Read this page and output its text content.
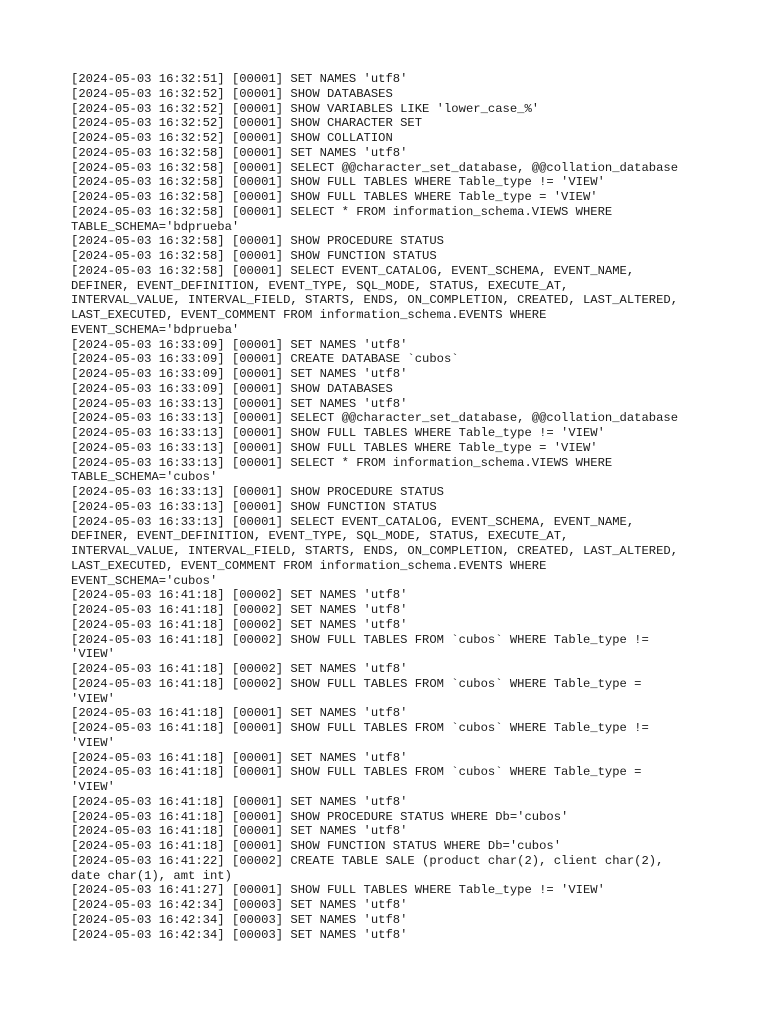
[2024-05-03 16:32:51] [00001] SET NAMES 'utf8'
[2024-05-03 16:32:52] [00001] SHOW DATABASES
[2024-05-03 16:32:52] [00001] SHOW VARIABLES LIKE 'lower_case_%'
[2024-05-03 16:32:52] [00001] SHOW CHARACTER SET
[2024-05-03 16:32:52] [00001] SHOW COLLATION
[2024-05-03 16:32:58] [00001] SET NAMES 'utf8'
[2024-05-03 16:32:58] [00001] SELECT @@character_set_database, @@collation_database
[2024-05-03 16:32:58] [00001] SHOW FULL TABLES WHERE Table_type != 'VIEW'
[2024-05-03 16:32:58] [00001] SHOW FULL TABLES WHERE Table_type = 'VIEW'
[2024-05-03 16:32:58] [00001] SELECT * FROM information_schema.VIEWS WHERE
TABLE_SCHEMA='bdprueba'
[2024-05-03 16:32:58] [00001] SHOW PROCEDURE STATUS
[2024-05-03 16:32:58] [00001] SHOW FUNCTION STATUS
[2024-05-03 16:32:58] [00001] SELECT EVENT_CATALOG, EVENT_SCHEMA, EVENT_NAME,
DEFINER, EVENT_DEFINITION, EVENT_TYPE, SQL_MODE, STATUS, EXECUTE_AT,
INTERVAL_VALUE, INTERVAL_FIELD, STARTS, ENDS, ON_COMPLETION, CREATED, LAST_ALTERED,
LAST_EXECUTED, EVENT_COMMENT FROM information_schema.EVENTS WHERE
EVENT_SCHEMA='bdprueba'
[2024-05-03 16:33:09] [00001] SET NAMES 'utf8'
[2024-05-03 16:33:09] [00001] CREATE DATABASE `cubos`
[2024-05-03 16:33:09] [00001] SET NAMES 'utf8'
[2024-05-03 16:33:09] [00001] SHOW DATABASES
[2024-05-03 16:33:13] [00001] SET NAMES 'utf8'
[2024-05-03 16:33:13] [00001] SELECT @@character_set_database, @@collation_database
[2024-05-03 16:33:13] [00001] SHOW FULL TABLES WHERE Table_type != 'VIEW'
[2024-05-03 16:33:13] [00001] SHOW FULL TABLES WHERE Table_type = 'VIEW'
[2024-05-03 16:33:13] [00001] SELECT * FROM information_schema.VIEWS WHERE
TABLE_SCHEMA='cubos'
[2024-05-03 16:33:13] [00001] SHOW PROCEDURE STATUS
[2024-05-03 16:33:13] [00001] SHOW FUNCTION STATUS
[2024-05-03 16:33:13] [00001] SELECT EVENT_CATALOG, EVENT_SCHEMA, EVENT_NAME,
DEFINER, EVENT_DEFINITION, EVENT_TYPE, SQL_MODE, STATUS, EXECUTE_AT,
INTERVAL_VALUE, INTERVAL_FIELD, STARTS, ENDS, ON_COMPLETION, CREATED, LAST_ALTERED,
LAST_EXECUTED, EVENT_COMMENT FROM information_schema.EVENTS WHERE
EVENT_SCHEMA='cubos'
[2024-05-03 16:41:18] [00002] SET NAMES 'utf8'
[2024-05-03 16:41:18] [00002] SET NAMES 'utf8'
[2024-05-03 16:41:18] [00002] SET NAMES 'utf8'
[2024-05-03 16:41:18] [00002] SHOW FULL TABLES FROM `cubos` WHERE Table_type !=
'VIEW'
[2024-05-03 16:41:18] [00002] SET NAMES 'utf8'
[2024-05-03 16:41:18] [00002] SHOW FULL TABLES FROM `cubos` WHERE Table_type =
'VIEW'
[2024-05-03 16:41:18] [00001] SET NAMES 'utf8'
[2024-05-03 16:41:18] [00001] SHOW FULL TABLES FROM `cubos` WHERE Table_type !=
'VIEW'
[2024-05-03 16:41:18] [00001] SET NAMES 'utf8'
[2024-05-03 16:41:18] [00001] SHOW FULL TABLES FROM `cubos` WHERE Table_type =
'VIEW'
[2024-05-03 16:41:18] [00001] SET NAMES 'utf8'
[2024-05-03 16:41:18] [00001] SHOW PROCEDURE STATUS WHERE Db='cubos'
[2024-05-03 16:41:18] [00001] SET NAMES 'utf8'
[2024-05-03 16:41:18] [00001] SHOW FUNCTION STATUS WHERE Db='cubos'
[2024-05-03 16:41:22] [00002] CREATE TABLE SALE (product char(2), client char(2),
date char(1), amt int)
[2024-05-03 16:41:27] [00001] SHOW FULL TABLES WHERE Table_type != 'VIEW'
[2024-05-03 16:42:34] [00003] SET NAMES 'utf8'
[2024-05-03 16:42:34] [00003] SET NAMES 'utf8'
[2024-05-03 16:42:34] [00003] SET NAMES 'utf8'
